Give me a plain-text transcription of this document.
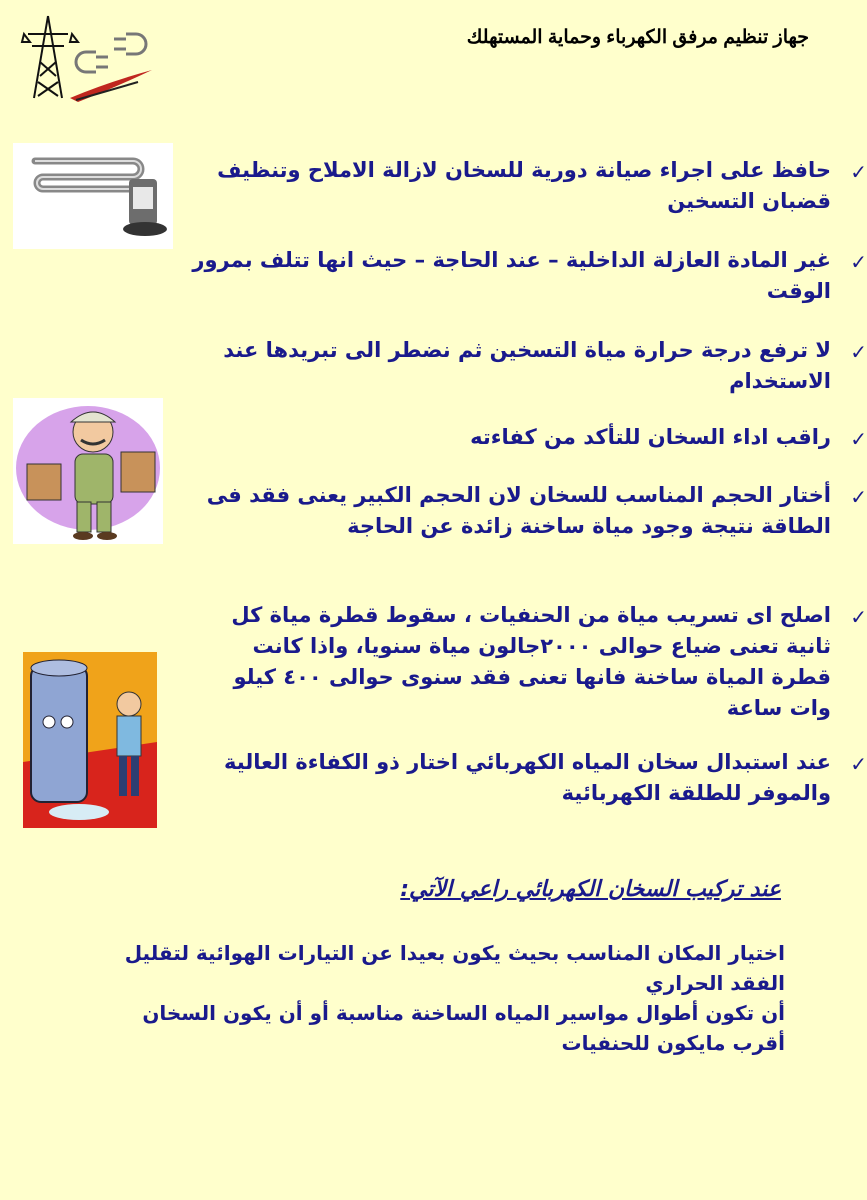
جهاز تنظيم مرفق الكهرباء وحماية المستهلك
✓
حافظ على اجراء صيانة دورية للسخان لازالة الاملاح وتنظيف قضبان التسخين
✓
غير المادة العازلة الداخلية – عند الحاجة – حيث انها تتلف بمرور الوقت
✓
لا ترفع درجة حرارة مياة التسخين ثم نضطر الى تبريدها عند الاستخدام
✓
راقب اداء السخان للتأكد من كفاءته
✓
أختار الحجم المناسب للسخان لان الحجم الكبير يعنى فقد فى الطاقة نتيجة وجود مياة ساخنة زائدة عن الحاجة
✓
اصلح اى تسريب مياة من الحنفيات ، سقوط قطرة مياة كل ثانية تعنى ضياع حوالى ٢٠٠٠جالون مياة سنويا، واذا كانت قطرة المياة ساخنة فانها تعنى فقد سنوى حوالى ٤٠٠ كيلو وات ساعة
✓
عند استبدال سخان المياه الكهربائي اختار ذو الكفاءة العالية والموفر للطلقة الكهربائية
عند تركيب السخان الكهربائي راعي الآتي:
اختيار المكان المناسب بحيث يكون بعيدا عن التيارات الهوائية لتقليل الفقد الحراري
أن تكون أطوال مواسير المياه الساخنة مناسبة أو أن يكون السخان أقرب مايكون للحنفيات
